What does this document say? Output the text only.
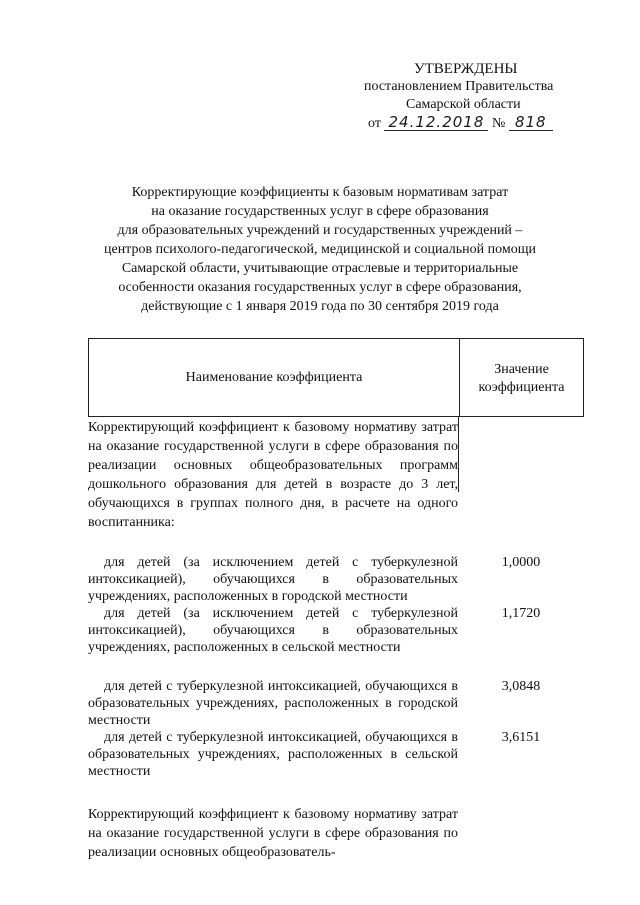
УТВЕРЖДЕНЫ
постановлением Правительства
Самарской области
от 24.12.2018 № 818
Корректирующие коэффициенты к базовым нормативам затрат
на оказание государственных услуг в сфере образования
для образовательных учреждений и государственных учреждений –
центров психолого-педагогической, медицинской и социальной помощи
Самарской области, учитывающие отраслевые и территориальные
особенности оказания государственных услуг в сфере образования,
действующие с 1 января 2019 года по 30 сентября 2019 года
Наименование коэффициента
Значение
коэффициента
Корректирующий коэффициент к базовому нормативу затрат на оказание государственной услуги в сфере образования по реализации основных общеобразовательных программ дошкольного образования для детей в возрасте до 3 лет, обучающихся в группах полного дня, в расчете на одного воспитанника:
для детей (за исключением детей с туберкулезной интоксикацией), обучающихся в образовательных учреждениях, расположенных в городской местности
1,0000
для детей (за исключением детей с туберкулезной интоксикацией), обучающихся в образовательных учреждениях, расположенных в сельской местности
1,1720
для детей с туберкулезной интоксикацией, обучающихся в образовательных учреждениях, расположенных в городской местности
3,0848
для детей с туберкулезной интоксикацией, обучающихся в образовательных учреждениях, расположенных в сельской местности
3,6151
Корректирующий коэффициент к базовому нормативу затрат на оказание государственной услуги в сфере образования по реализации основных общеобразователь-
